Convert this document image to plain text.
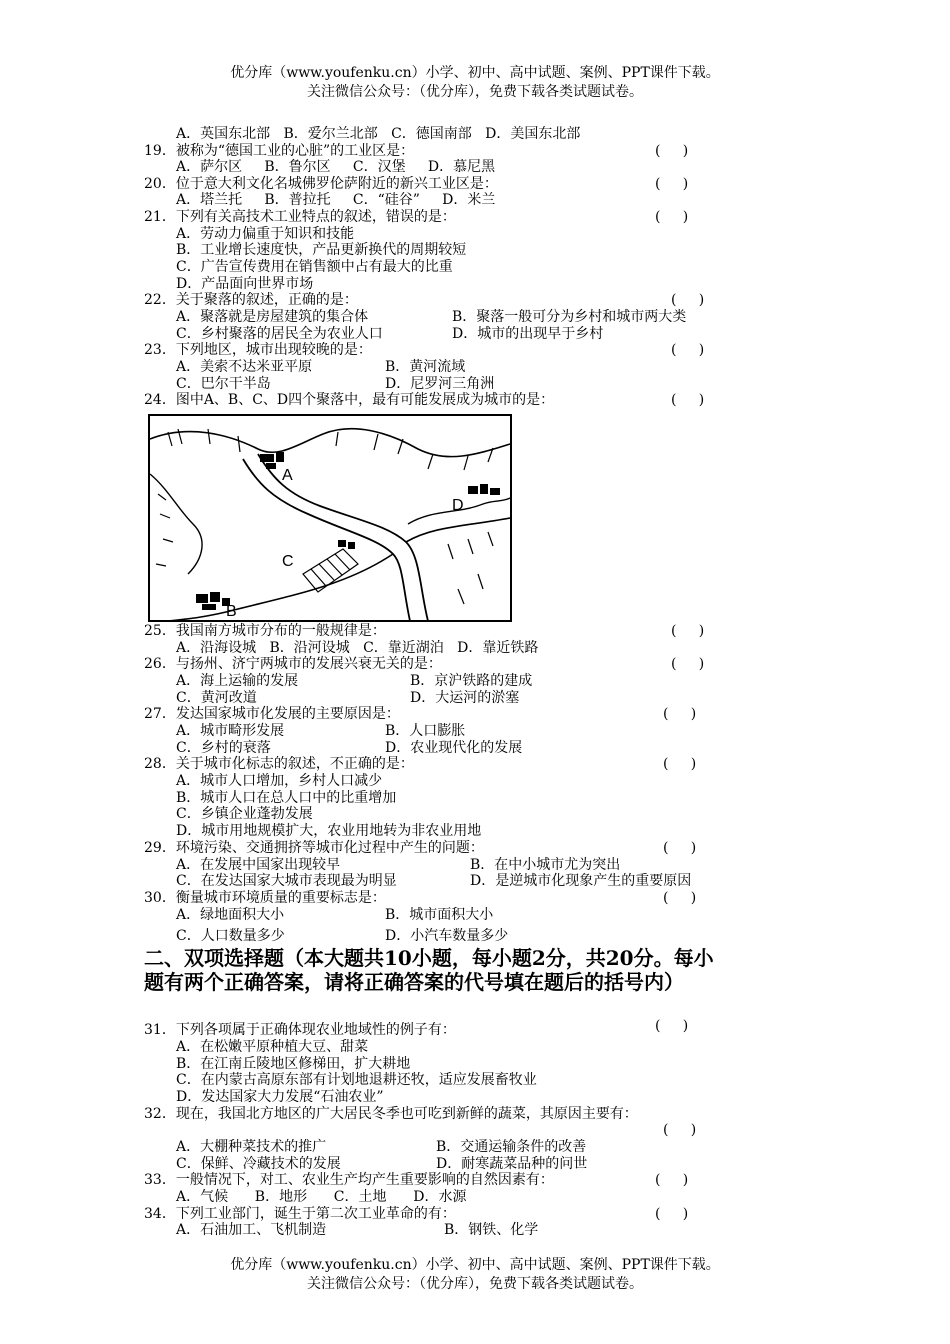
优分库（www.youfenku.cn）小学、初中、高中试题、案例、PPT课件下载。
关注微信公众号：（优分库），免费下载各类试题试卷。
A．英国东北部   B．爱尔兰北部   C．德国南部   D．美国东北部
19．被称为“德国工业的心脏”的工业区是：	(     )
A．萨尔区     B．鲁尔区     C．汉堡     D．慕尼黑
20．位于意大利文化名城佛罗伦萨附近的新兴工业区是：	(     )
A．塔兰托     B．普拉托     C．“硅谷”     D．米兰
21．下列有关高技术工业特点的叙述，错误的是：	(     )
A．劳动力偏重于知识和技能
B．工业增长速度快，产品更新换代的周期较短
C．广告宣传费用在销售额中占有最大的比重
D．产品面向世界市场
22．关于聚落的叙述，正确的是：	(     )
A．聚落就是房屋建筑的集合体	B．聚落一般可分为乡村和城市两大类
C．乡村聚落的居民全为农业人口	D．城市的出现早于乡村
23．下列地区，城市出现较晚的是：	(     )
A．美索不达米亚平原	B．黄河流域
C．巴尔干半岛	D．尼罗河三角洲
24．图中A、B、C、D四个聚落中，最有可能发展成为城市的是：	(     )
A
D
C
B
25．我国南方城市分布的一般规律是：	(     )
A．沿海设城   B．沿河设城   C．靠近湖泊   D．靠近铁路
26．与扬州、济宁两城市的发展兴衰无关的是：	(     )
A．海上运输的发展	B．京沪铁路的建成
C．黄河改道	D．大运河的淤塞
27．发达国家城市化发展的主要原因是：	(     )
A．城市畸形发展	B．人口膨胀
C．乡村的衰落	D．农业现代化的发展
28．关于城市化标志的叙述，不正确的是：	(     )
A．城市人口增加，乡村人口减少
B．城市人口在总人口中的比重增加
C．乡镇企业蓬勃发展
D．城市用地规模扩大，农业用地转为非农业用地
29．环境污染、交通拥挤等城市化过程中产生的问题：	(     )
A．在发展中国家出现较早	B．在中小城市尤为突出
C．在发达国家大城市表现最为明显	D．是逆城市化现象产生的重要原因
30．衡量城市环境质量的重要标志是：	(     )
A．绿地面积大小	B．城市面积大小
C．人口数量多少	D．小汽车数量多少
二、双项选择题（本大题共10小题，每小题2分，共20分。每小
题有两个正确答案，请将正确答案的代号填在题后的括号内）
31．下列各项属于正确体现农业地域性的例子有：	(     )
A．在松嫩平原种植大豆、甜菜
B．在江南丘陵地区修梯田，扩大耕地
C．在内蒙古高原东部有计划地退耕还牧，适应发展畜牧业
D．发达国家大力发展“石油农业”
32．现在，我国北方地区的广大居民冬季也可吃到新鲜的蔬菜，其原因主要有：
(     )
A．大棚种菜技术的推广	B．交通运输条件的改善
C．保鲜、冷藏技术的发展	D．耐寒蔬菜品种的问世
33．一般情况下，对工、农业生产均产生重要影响的自然因素有：	(     )
A．气候      B．地形      C．土地      D．水源
34．下列工业部门，诞生于第二次工业革命的有：	(     )
A．石油加工、飞机制造	B．钢铁、化学
优分库（www.youfenku.cn）小学、初中、高中试题、案例、PPT课件下载。
关注微信公众号：（优分库），免费下载各类试题试卷。
